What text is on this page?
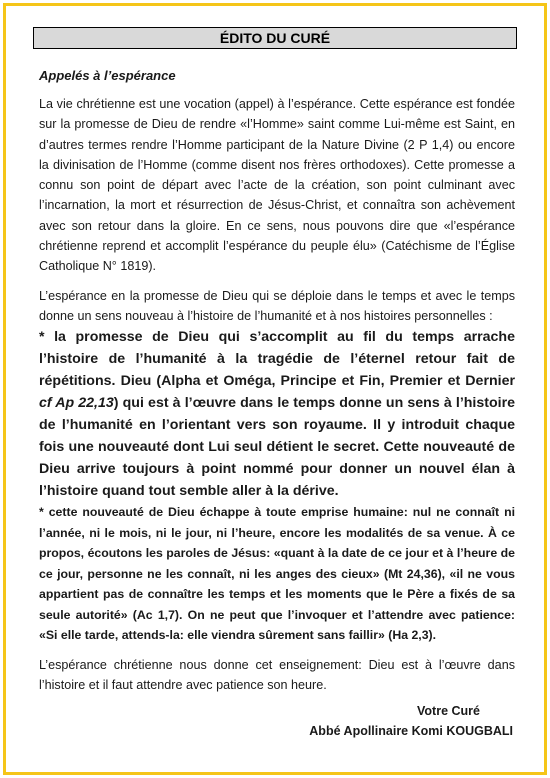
ÉDITO DU CURÉ
Appelés à l’espérance

La vie chrétienne est une vocation (appel) à l’espérance. Cette espérance est fondée sur la promesse de Dieu de rendre «l’Homme» saint comme Lui-même est Saint, en d’autres termes rendre l’Homme participant de la Nature Divine (2 P 1,4) ou encore la divinisation de l’Homme (comme disent nos frères orthodoxes). Cette promesse a connu son point de départ avec l’acte de la création, son point culminant avec l’incarnation, la mort et résurrection de Jésus-Christ, et connaîtra son achèvement avec son retour dans la gloire. En ce sens, nous pouvons dire que «l’espérance chrétienne reprend et accomplit l’espérance du peuple élu» (Catéchisme de l’Église Catholique N° 1819).

L’espérance en la promesse de Dieu qui se déploie dans le temps et avec le temps donne un sens nouveau à l’histoire de l’humanité et à nos histoires personnelles :

* la promesse de Dieu qui s’accomplit au fil du temps arrache l’histoire de l’humanité à la tragédie de l’éternel retour fait de répétitions. Dieu (Alpha et Oméga, Principe et Fin, Premier et Dernier cf Ap 22,13) qui est à l’œuvre dans le temps donne un sens à l’histoire de l’humanité en l’orientant vers son royaume. Il y introduit chaque fois une nouveauté dont Lui seul détient le secret. Cette nouveauté de Dieu arrive toujours à point nommé pour donner un nouvel élan à l’histoire quand tout semble aller à la dérive.

* cette nouveauté de Dieu échappe à toute emprise humaine: nul ne connaît ni l’année, ni le mois, ni le jour, ni l’heure, encore les modalités de sa venue. À ce propos, écoutons les paroles de Jésus: «quant à la date de ce jour et à l’heure de ce jour, personne ne les connaît, ni les anges des cieux» (Mt 24,36), «il ne vous appartient pas de connaître les temps et les moments que le Père a fixés de sa seule autorité» (Ac 1,7). On ne peut que l’invoquer et l’attendre avec patience: «Si elle tarde, attends-la: elle viendra sûrement sans faillir» (Ha 2,3).

L’espérance chrétienne nous donne cet enseignement: Dieu est à l’œuvre dans l’histoire et il faut attendre avec patience son heure.

Votre Curé
Abbé Apollinaire Komi KOUGBALI
